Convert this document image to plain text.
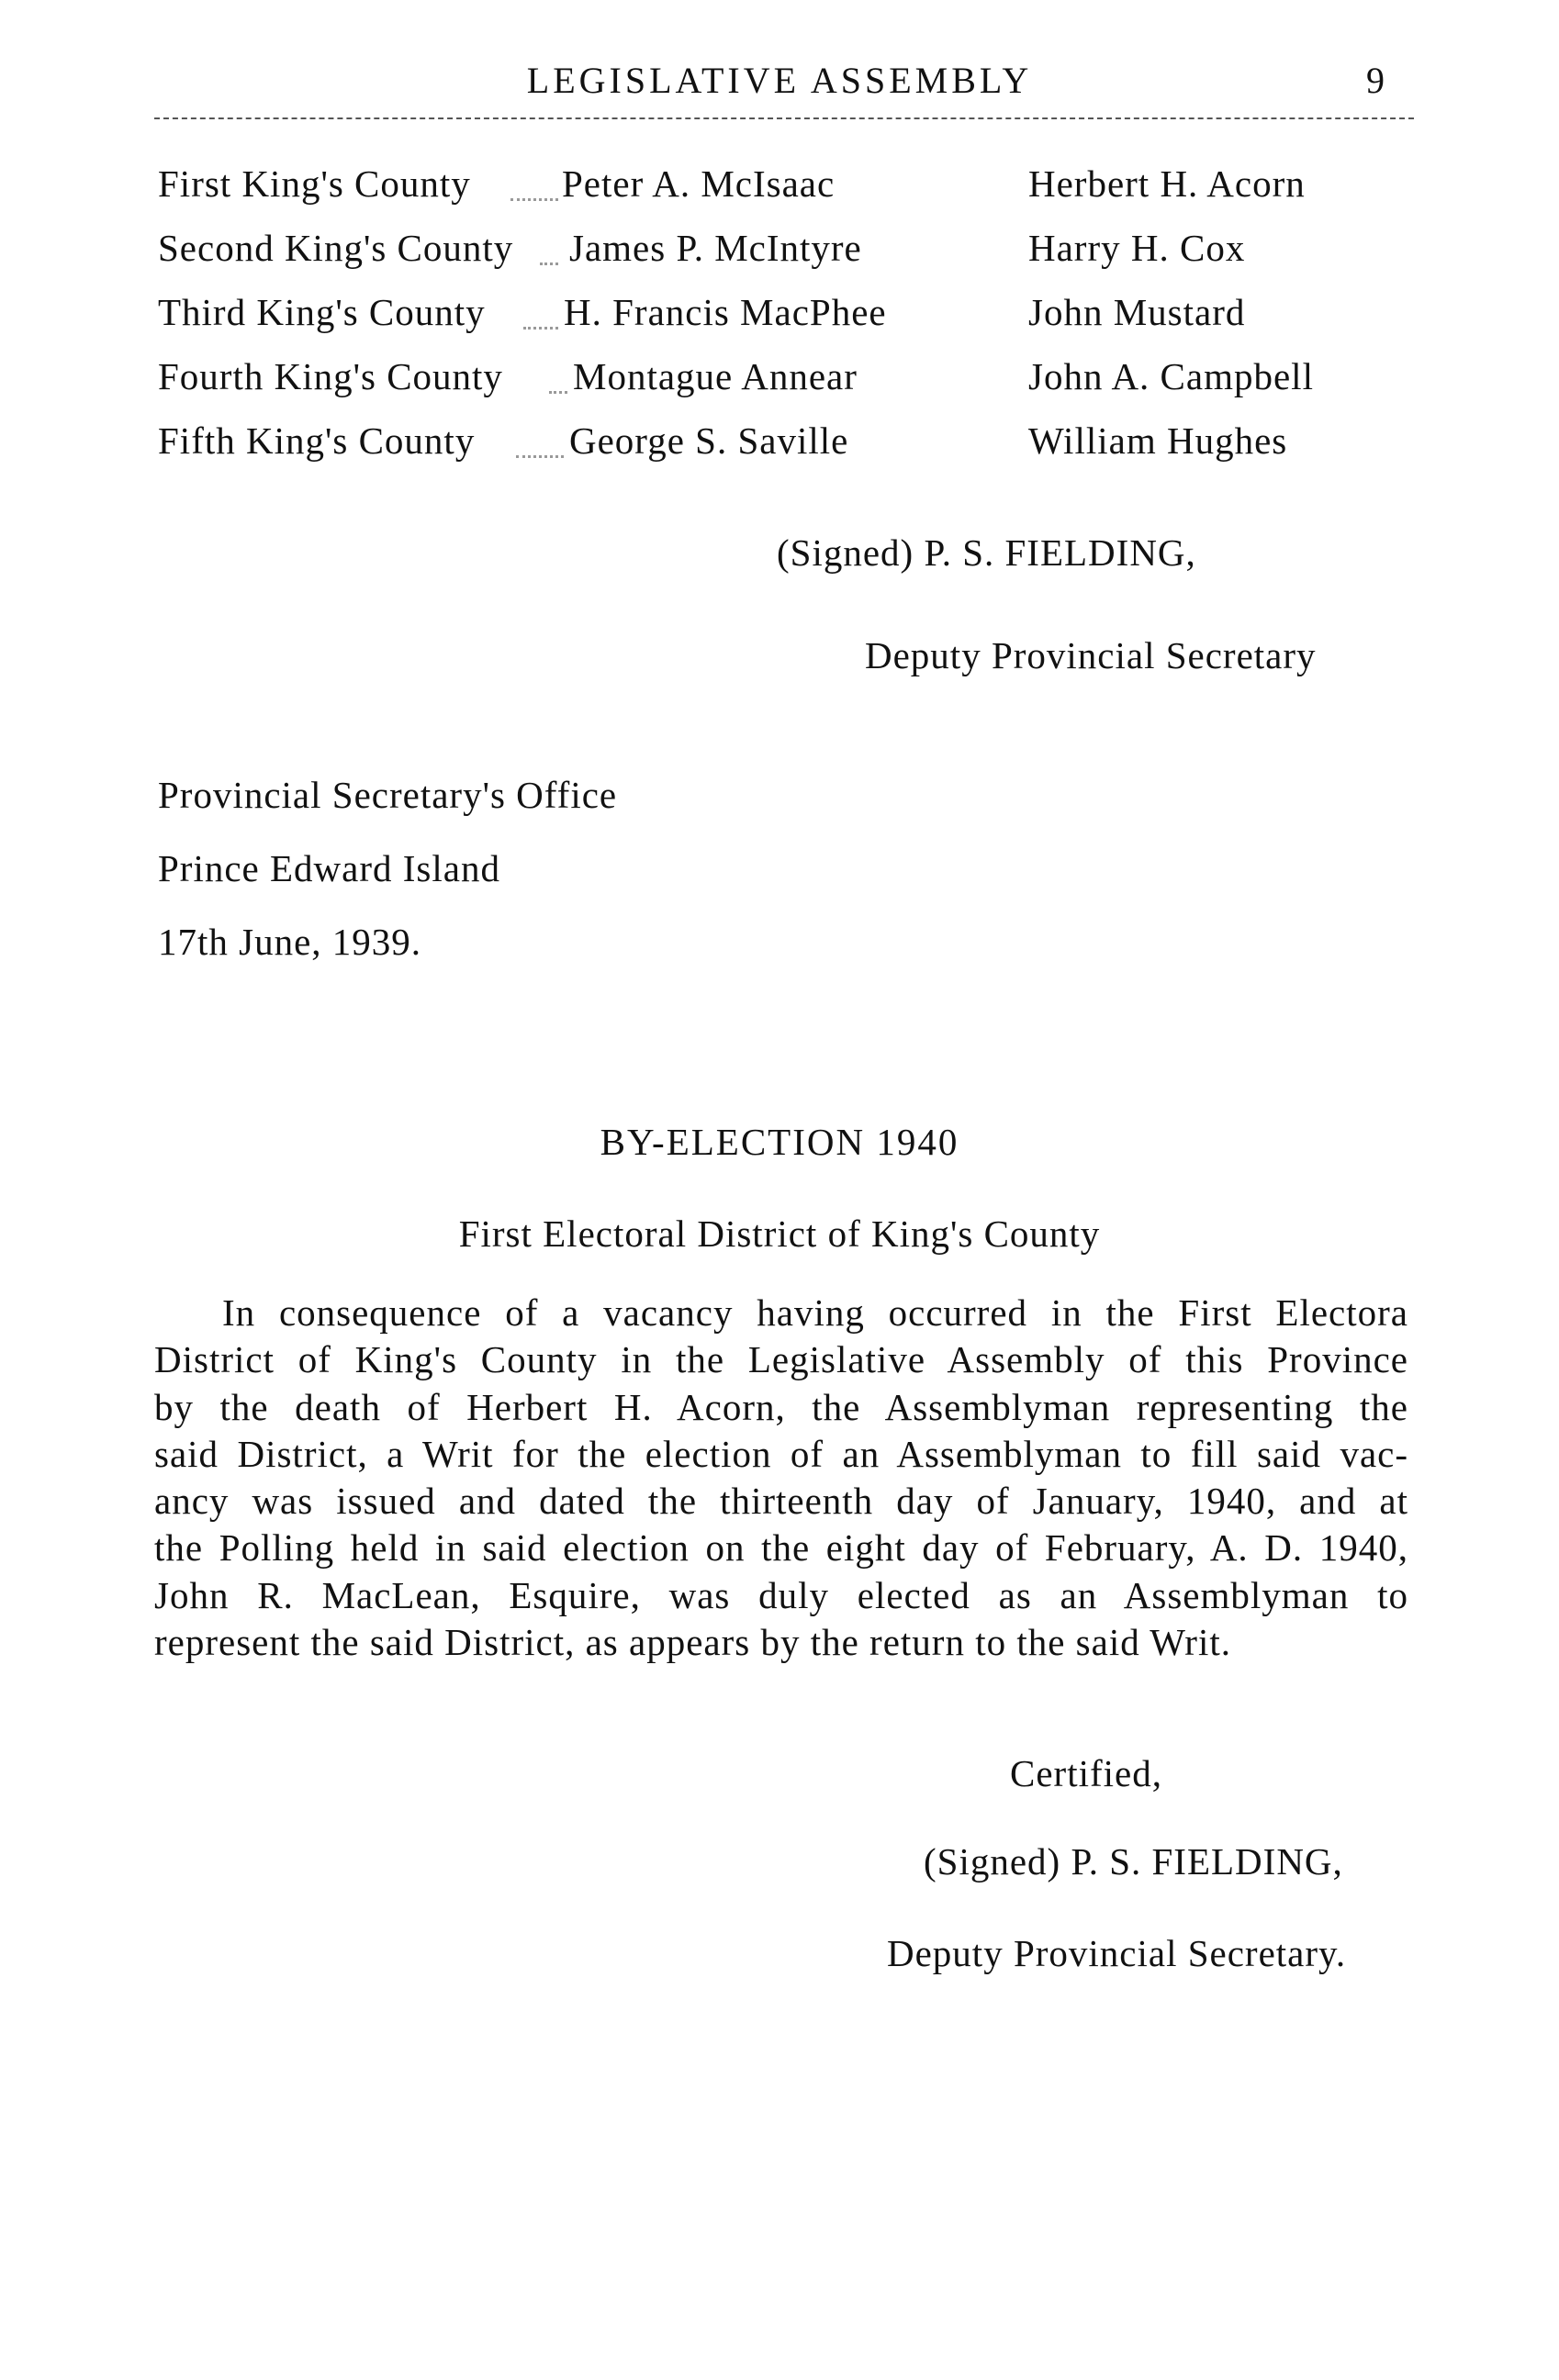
LEGISLATIVE ASSEMBLY	9
First King's County Peter A. McIsaac	Herbert H. Acorn
Second King's County James P. McIntyre	Harry H. Cox
Third King's County H. Francis MacPhee	John Mustard
Fourth King's County Montague Annear	John A. Campbell
Fifth King's County	George S. Saville	William Hughes
(Signed) P. S. FIELDING,
Deputy Provincial Secretary
Provincial Secretary's Office
Prince Edward Island
17th June, 1939.
BY-ELECTION 1940
First Electoral District of King's County
In consequence of a vacancy having occurred in the First Electora
District of King's County in the Legislative Assembly of this Province
by the death of Herbert H. Acorn, the Assemblyman representing the
said District, a Writ for the election of an Assemblyman to fill said vac-
ancy was issued and dated the thirteenth day of January, 1940, and at
the Polling held in said election on the eight day of February, A. D. 1940,
John R. MacLean, Esquire, was duly elected as an Assemblyman to
represent the said District, as appears by the return to the said Writ.
Certified,
(Signed) P. S. FIELDING,
Deputy Provincial Secretary.
